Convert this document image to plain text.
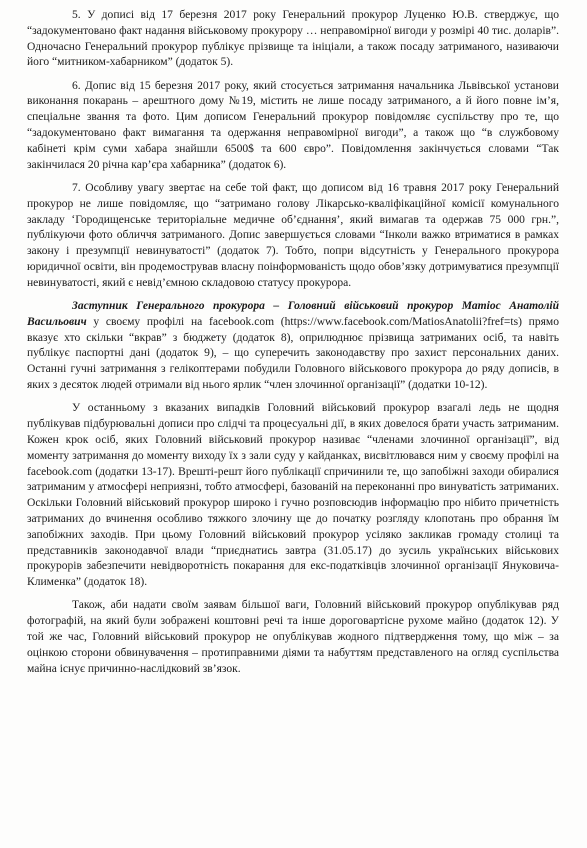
5. У дописі від 17 березня 2017 року Генеральний прокурор Луценко Ю.В. стверджує, що “задокументовано факт надання військовому прокурору … неправомірної вигоди у розмірі 40 тис. доларів”. Одночасно Генеральний прокурор публікує прізвище та ініціали, а також посаду затриманого, називаючи його “митником-хабарником” (додаток 5).

6. Допис від 15 березня 2017 року, який стосується затримання начальника Львівської установи виконання покарань – арештного дому №19, містить не лише посаду затриманого, а й його повне ім’я, спеціальне звання та фото. Цим дописом Генеральний прокурор повідомляє суспільству про те, що “задокументовано факт вимагання та одержання неправомірної вигоди”, а також що “в службовому кабінеті крім суми хабара знайшли 6500$ та 600 євро”. Повідомлення закінчується словами “Так закінчилася 20 річна кар’єра хабарника” (додаток 6).

7. Особливу увагу звертає на себе той факт, що дописом від 16 травня 2017 року Генеральний прокурор не лише повідомляє, що “затримано голову Лікарсько-кваліфікаційної комісії комунального закладу ‘Городищенське територіальне медичне об’єднання’, який вимагав та одержав 75 000 грн.”, публікуючи фото обличчя затриманого. Допис завершується словами “Інколи важко втриматися в рамках закону і презумпції невинуватості” (додаток 7). Тобто, попри відсутність у Генерального прокурора юридичної освіти, він продемострував власну поінформованість щодо обов’язку дотримуватися презумпції невинуватості, який є невід’ємною складовою статусу прокурора.

Заступник Генерального прокурора – Головний військовий прокурор Матіос Анатолій Васильович у своєму профілі на facebook.com (https://www.facebook.com/MatiosAnatolii?fref=ts) прямо вказує хто скільки “вкрав” з бюджету (додаток 8), оприлюднює прізвища затриманих осіб, та навіть публікує паспортні дані (додаток 9), – що суперечить законодавству про захист персональних даних. Останні гучні затримання з гелікоптерами побудили Головного військового прокурора до ряду дописів, в яких з десяток людей отримали від нього ярлик “член злочинної організації” (додатки 10-12).

У останньому з вказаних випадків Головний військовий прокурор взагалі ледь не щодня публікував підбурювальні дописи про слідчі та процесуальні дії, в яких довелося брати участь затриманим. Кожен крок осіб, яких Головний військовий прокурор називає “членами злочинної організації”, від моменту затримання до моменту виходу їх з зали суду у кайданках, висвітлювався ним у своєму профілі на facebook.com (додатки 13-17). Врешті-решт його публікації спричинили те, що запобіжні заходи обиралися затриманим у атмосфері неприязні, тобто атмосфері, базованій на переконанні про винуватість затриманих. Оскільки Головний військовий прокурор широко і гучно розповсюдив інформацію про нібито причетність затриманих до вчинення особливо тяжкого злочину ще до початку розгляду клопотань про обрання їм запобіжних заходів. При цьому Головний військовий прокурор усіляко закликав громаду столиці та представників законодавчої влади “приєднатись завтра (31.05.17) до зусиль українських військових прокурорів забезпечити невідворотність покарання для екс-податківців злочинної організації Януковича-Клименка” (додаток 18).

Також, аби надати своїм заявам більшої ваги, Головний військовий прокурор опублікував ряд фотографій, на який були зображені коштовні речі та інше дороговартісне рухоме майно (додаток 12). У той же час, Головний військовий прокурор не опублікував жодного підтвердження тому, що між – за оцінкою сторони обвинувачення – протиправними діями та набуттям представленого на огляд суспільства майна існує причинно-наслідковий зв’язок.
